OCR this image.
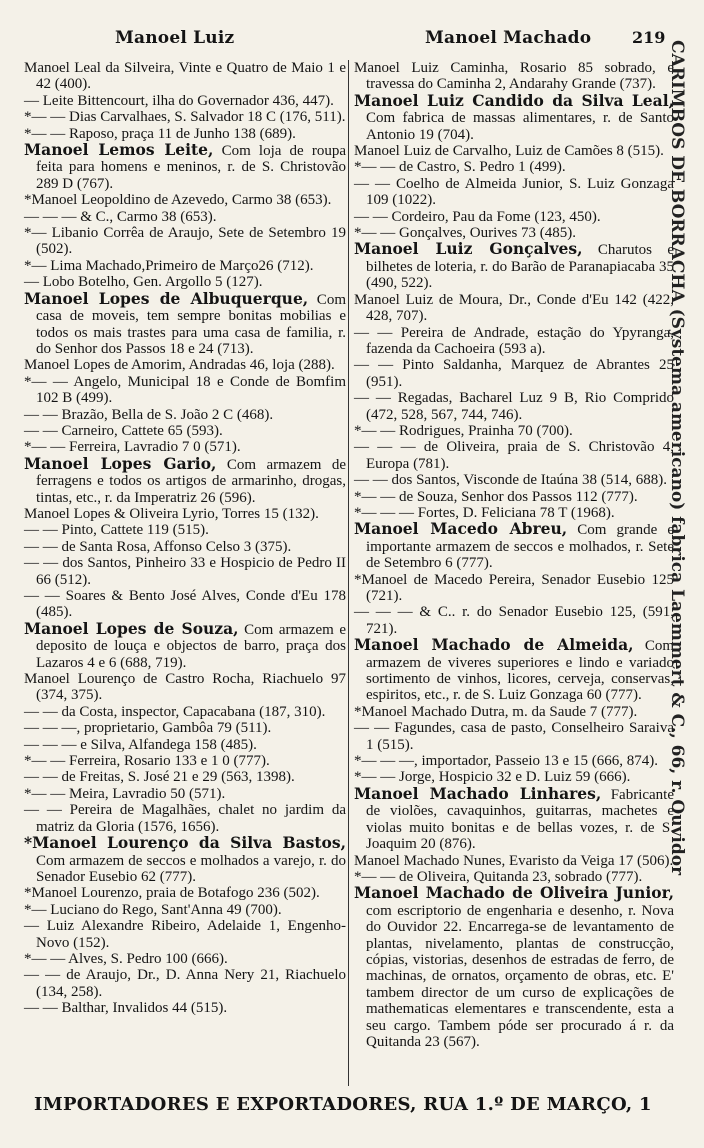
Manoel Luiz	Manoel Machado	219

Manoel Leal da Silveira, Vinte e Quatro de Maio 1 e 42 (400).

— Leite Bittencourt, ilha do Governador 436, 447).

*— — Dias Carvalhaes, S. Salvador 18 C (176, 511).

*— — Raposo, praça 11 de Junho 138 (689).

Manoel Lemos Leite, Com loja de roupa feita para homens e meninos, r. de S. Christovão 289 D (767).

*Manoel Leopoldino de Azevedo, Carmo 38 (653).

— — — & C., Carmo 38 (653).

*— Libanio Corrêa de Araujo, Sete de Setembro 19 (502).

*— Lima Machado,Primeiro de Março26 (712).

— Lobo Botelho, Gen. Argollo 5 (127).

Manoel Lopes de Albuquerque, Com casa de moveis, tem sempre bonitas mobilias e todos os mais trastes para uma casa de familia, r. do Senhor dos Passos 18 e 24 (713).

Manoel Lopes de Amorim, Andradas 46, loja (288).

*— — Angelo, Municipal 18 e Conde de Bomfim 102 B (499).

— — Brazão, Bella de S. João 2 C (468).

— — Carneiro, Cattete 65 (593).

*— — Ferreira, Lavradio 7 0 (571).

Manoel Lopes Gario, Com armazem de ferragens e todos os artigos de armarinho, drogas, tintas, etc., r. da Imperatriz 26 (596).

Manoel Lopes & Oliveira Lyrio, Torres 15 (132).

— — Pinto, Cattete 119 (515).

— — de Santa Rosa, Affonso Celso 3 (375).

— — dos Santos, Pinheiro 33 e Hospicio de Pedro II 66 (512).

— — Soares & Bento José Alves, Conde d'Eu 178 (485).

Manoel Lopes de Souza, Com armazem e deposito de louça e objectos de barro, praça dos Lazaros 4 e 6 (688, 719).

Manoel Lourenço de Castro Rocha, Riachuelo 97 (374, 375).

— — da Costa, inspector, Capacabana (187, 310).

— — —, proprietario, Gambôa 79 (511).

— — — e Silva, Alfandega 158 (485).

*— — Ferreira, Rosario 133 e 1 0 (777).

— — de Freitas, S. José 21 e 29 (563, 1398).

*— — Meira, Lavradio 50 (571).

— — Pereira de Magalhães, chalet no jardim da matriz da Gloria (1576, 1656).

*Manoel Lourenço da Silva Bastos, Com armazem de seccos e molhados a varejo, r. do Senador Eusebio 62 (777).

*Manoel Lourenzo, praia de Botafogo 236 (502).

*— Luciano do Rego, Sant'Anna 49 (700).

— Luiz Alexandre Ribeiro, Adelaide 1, Engenho-Novo (152).

*— — Alves, S. Pedro 100 (666).

— — de Araujo, Dr., D. Anna Nery 21, Riachuelo (134, 258).

— — Balthar, Invalidos 44 (515).

Manoel Luiz Caminha, Rosario 85 sobrado, e travessa do Caminha 2, Andarahy Grande (737).

Manoel Luiz Candido da Silva Leal, Com fabrica de massas alimentares, r. de Santo Antonio 19 (704).

Manoel Luiz de Carvalho, Luiz de Camões 8 (515).

*— — de Castro, S. Pedro 1 (499).

— — Coelho de Almeida Junior, S. Luiz Gonzaga 109 (1022).

— — Cordeiro, Pau da Fome (123, 450).

*— — Gonçalves, Ourives 73 (485).

Manoel Luiz Gonçalves, Charutos e bilhetes de loteria, r. do Barão de Paranapiacaba 35 (490, 522).

Manoel Luiz de Moura, Dr., Conde d'Eu 142 (422, 428, 707).

— — Pereira de Andrade, estação do Ypyranga, fazenda da Cachoeira (593 a).

— — Pinto Saldanha, Marquez de Abrantes 25 (951).

— — Regadas, Bacharel Luz 9 B, Rio Comprido (472, 528, 567, 744, 746).

*— — Rodrigues, Prainha 70 (700).

— — — de Oliveira, praia de S. Christovão 4, Europa (781).

— — dos Santos, Visconde de Itaúna 38 (514, 688).

*— — de Souza, Senhor dos Passos 112 (777).

*— — — Fortes, D. Feliciana 78 T (1968).

Manoel Macedo Abreu, Com grande e importante armazem de seccos e molhados, r. Sete de Setembro 6 (777).

*Manoel de Macedo Pereira, Senador Eusebio 125 (721).

— — — & C.. r. do Senador Eusebio 125, (591, 721).

Manoel Machado de Almeida, Com armazem de viveres superiores e lindo e variado sortimento de vinhos, licores, cerveja, conservas, espiritos, etc., r. de S. Luiz Gonzaga 60 (777).

*Manoel Machado Dutra, m. da Saude 7 (777).

— — Fagundes, casa de pasto, Conselheiro Saraiva 1 (515).

*— — —, importador, Passeio 13 e 15 (666, 874).

*— — Jorge, Hospicio 32 e D. Luiz 59 (666).

Manoel Machado Linhares, Fabricante de violões, cavaquinhos, guitarras, machetes e violas muito bonitas e de bellas vozes, r. de S. Joaquim 20 (876).

Manoel Machado Nunes, Evaristo da Veiga 17 (506).

*— — de Oliveira, Quitanda 23, sobrado (777).

Manoel Machado de Oliveira Junior, com escriptorio de engenharia e desenho, r. Nova do Ouvidor 22. Encarrega-se de levantamento de plantas, nivelamento, plantas de construcção, cópias, vistorias, desenhos de estradas de ferro, de machinas, de ornatos, orçamento de obras, etc. E' tambem director de um curso de explicações de mathematicas elementares e transcendente, esta a seu cargo. Tambem póde ser procurado á r. da Quitanda 23 (567).

CARIMBOS DE BORRACHA (Systema americano) fabrica Laemmert & C., 66, r. Ouvidor
IMPORTADORES E EXPORTADORES, RUA 1.º DE MARÇO, 1
